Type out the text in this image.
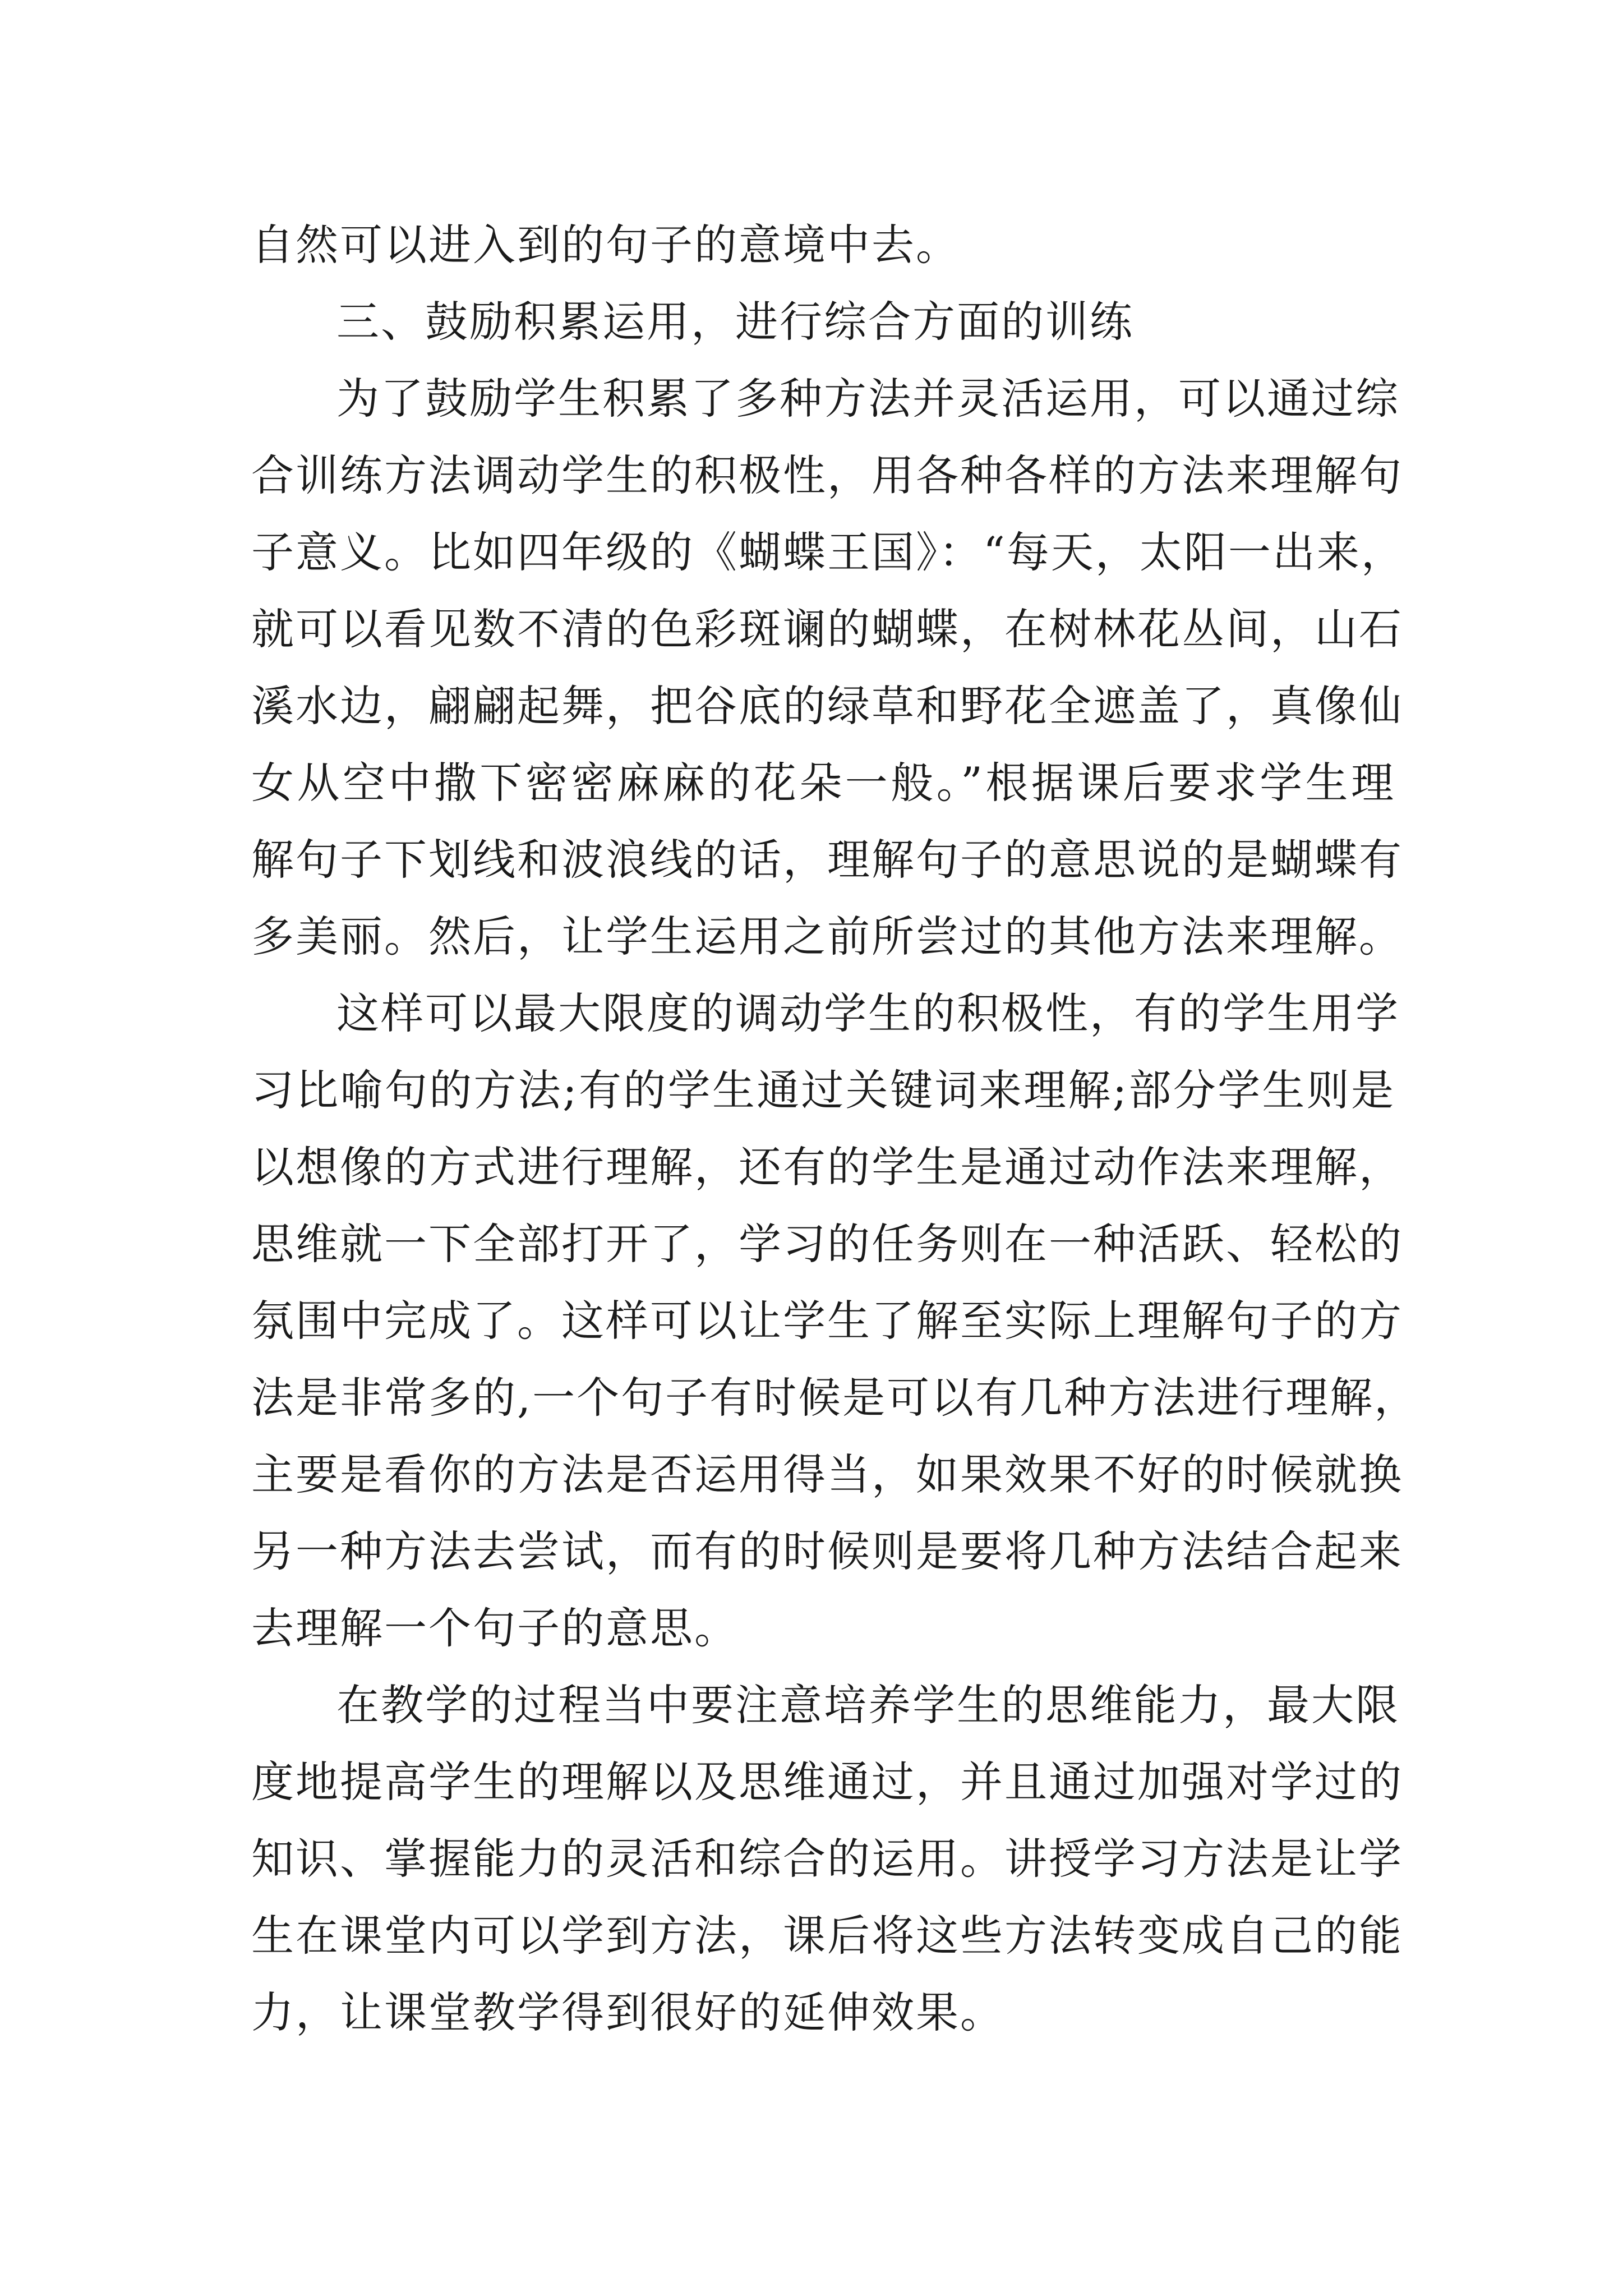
自然可以进入到的句子的意境中去。
三、鼓励积累运用，进行综合方面的训练
为了鼓励学生积累了多种方法并灵活运用，可以通过综
合训练方法调动学生的积极性，用各种各样的方法来理解句
子意义。比如四年级的《蝴蝶王国》：“每天，太阳一出来，
就可以看见数不清的色彩斑谰的蝴蝶，在树林花丛间，山石
溪水边，翩翩起舞，把谷底的绿草和野花全遮盖了，真像仙
女从空中撒下密密麻麻的花朵一般。”根据课后要求学生理
解句子下划线和波浪线的话，理解句子的意思说的是蝴蝶有
多美丽。然后，让学生运用之前所尝过的其他方法来理解。
这样可以最大限度的调动学生的积极性，有的学生用学
习比喻句的方法;有的学生通过关键词来理解;部分学生则是
以想像的方式进行理解，还有的学生是通过动作法来理解，
思维就一下全部打开了，学习的任务则在一种活跃、轻松的
氛围中完成了。这样可以让学生了解至实际上理解句子的方
法是非常多的,一个句子有时候是可以有几种方法进行理解，
主要是看你的方法是否运用得当，如果效果不好的时候就换
另一种方法去尝试，而有的时候则是要将几种方法结合起来
去理解一个句子的意思。
在教学的过程当中要注意培养学生的思维能力，最大限
度地提高学生的理解以及思维通过，并且通过加强对学过的
知识、掌握能力的灵活和综合的运用。讲授学习方法是让学
生在课堂内可以学到方法，课后将这些方法转变成自己的能
力，让课堂教学得到很好的延伸效果。
